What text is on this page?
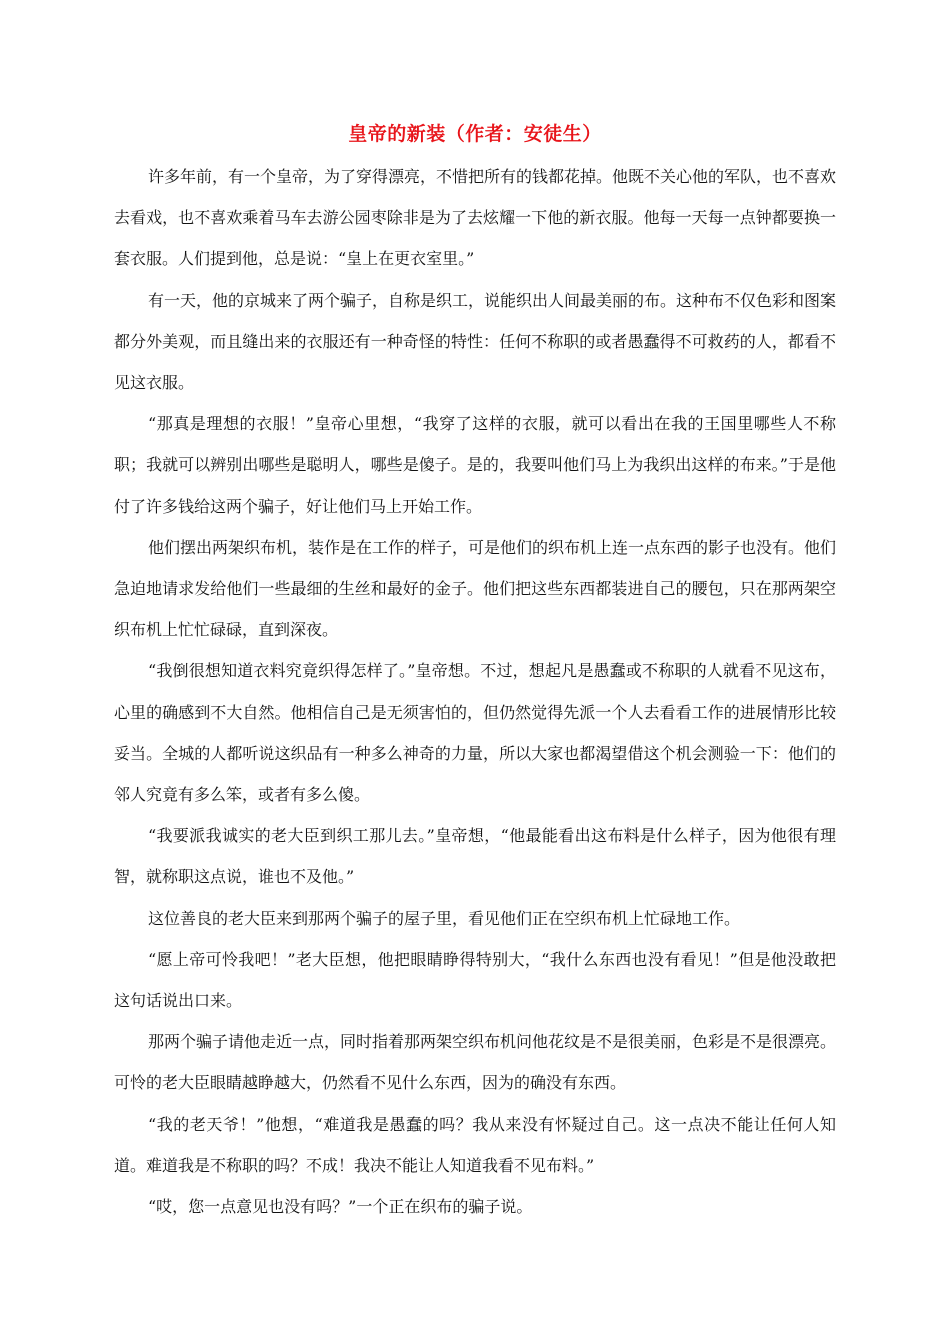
皇帝的新装（作者：安徒生）

许多年前，有一个皇帝，为了穿得漂亮，不惜把所有的钱都花掉。他既不关心他的军队，也不喜欢去看戏，也不喜欢乘着马车去游公园枣除非是为了去炫耀一下他的新衣服。他每一天每一点钟都要换一套衣服。人们提到他，总是说：“皇上在更衣室里。”

有一天，他的京城来了两个骗子，自称是织工，说能织出人间最美丽的布。这种布不仅色彩和图案都分外美观，而且缝出来的衣服还有一种奇怪的特性：任何不称职的或者愚蠢得不可救药的人，都看不见这衣服。

“那真是理想的衣服！”皇帝心里想，“我穿了这样的衣服，就可以看出在我的王国里哪些人不称职；我就可以辨别出哪些是聪明人，哪些是傻子。是的，我要叫他们马上为我织出这样的布来。”于是他付了许多钱给这两个骗子，好让他们马上开始工作。

他们摆出两架织布机，装作是在工作的样子，可是他们的织布机上连一点东西的影子也没有。他们急迫地请求发给他们一些最细的生丝和最好的金子。他们把这些东西都装进自己的腰包，只在那两架空织布机上忙忙碌碌，直到深夜。

“我倒很想知道衣料究竟织得怎样了。”皇帝想。不过，想起凡是愚蠢或不称职的人就看不见这布，心里的确感到不大自然。他相信自己是无须害怕的，但仍然觉得先派一个人去看看工作的进展情形比较妥当。全城的人都听说这织品有一种多么神奇的力量，所以大家也都渴望借这个机会测验一下：他们的邻人究竟有多么笨，或者有多么傻。

“我要派我诚实的老大臣到织工那儿去。”皇帝想，“他最能看出这布料是什么样子，因为他很有理智，就称职这点说，谁也不及他。”

这位善良的老大臣来到那两个骗子的屋子里，看见他们正在空织布机上忙碌地工作。

“愿上帝可怜我吧！”老大臣想，他把眼睛睁得特别大，“我什么东西也没有看见！”但是他没敢把这句话说出口来。

那两个骗子请他走近一点，同时指着那两架空织布机问他花纹是不是很美丽，色彩是不是很漂亮。可怜的老大臣眼睛越睁越大，仍然看不见什么东西，因为的确没有东西。

“我的老天爷！”他想，“难道我是愚蠢的吗？我从来没有怀疑过自己。这一点决不能让任何人知道。难道我是不称职的吗？不成！我决不能让人知道我看不见布料。”

“哎，您一点意见也没有吗？”一个正在织布的骗子说。
